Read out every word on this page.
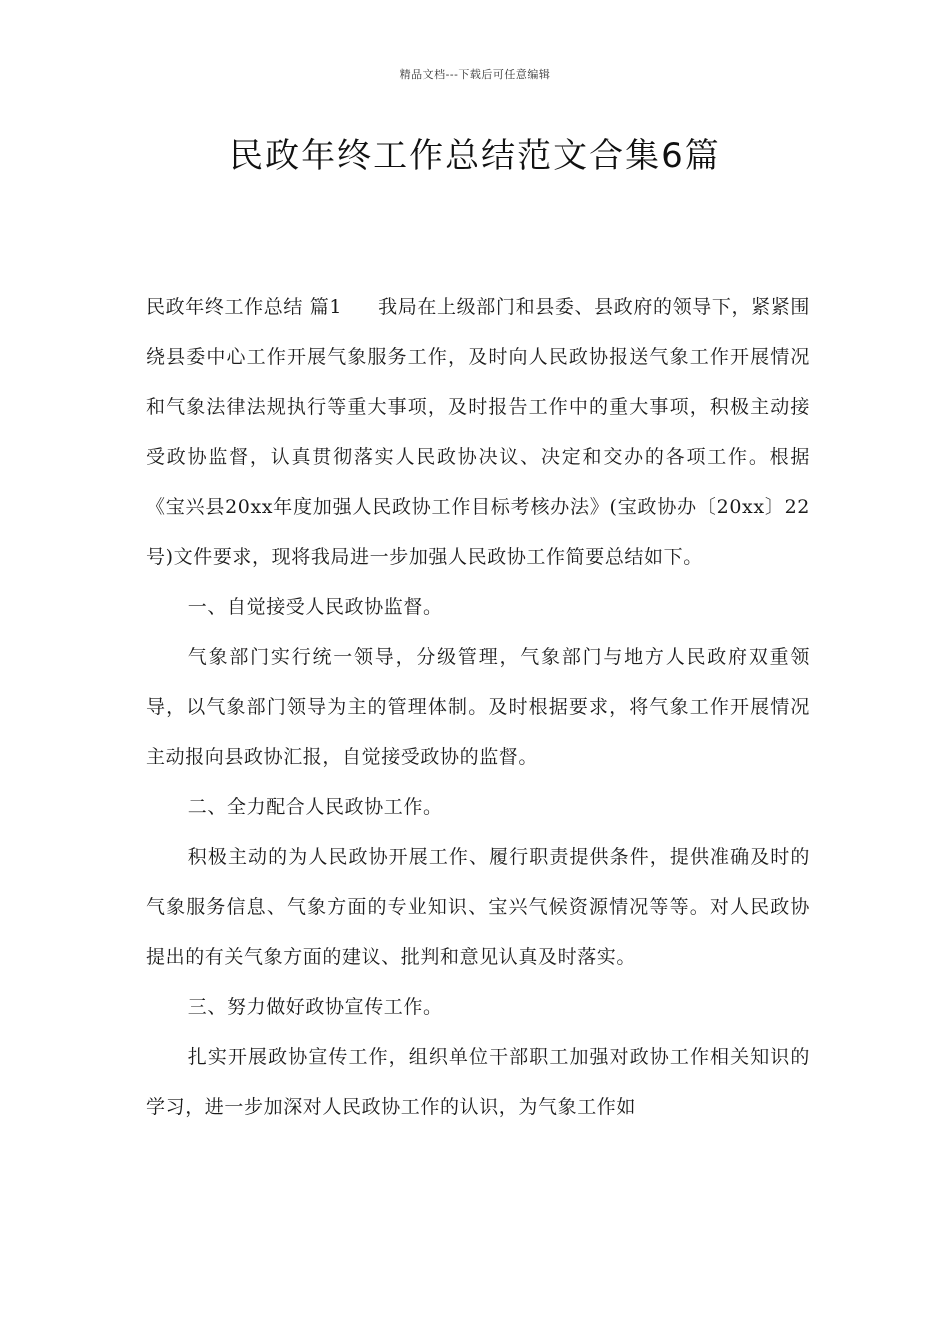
精品文档---下载后可任意编辑
民政年终工作总结范文合集6篇

民政年终工作总结 篇1 我局在上级部门和县委、县政府的领导下，紧紧围绕县委中心工作开展气象服务工作，及时向人民政协报送气象工作开展情况和气象法律法规执行等重大事项，及时报告工作中的重大事项，积极主动接受政协监督，认真贯彻落实人民政协决议、决定和交办的各项工作。根据《宝兴县20xx年度加强人民政协工作目标考核办法》(宝政协办〔20xx〕22号)文件要求，现将我局进一步加强人民政协工作简要总结如下。

一、自觉接受人民政协监督。

气象部门实行统一领导，分级管理，气象部门与地方人民政府双重领导，以气象部门领导为主的管理体制。及时根据要求，将气象工作开展情况主动报向县政协汇报，自觉接受政协的监督。

二、全力配合人民政协工作。

积极主动的为人民政协开展工作、履行职责提供条件，提供准确及时的气象服务信息、气象方面的专业知识、宝兴气候资源情况等等。对人民政协提出的有关气象方面的建议、批判和意见认真及时落实。

三、努力做好政协宣传工作。

扎实开展政协宣传工作，组织单位干部职工加强对政协工作相关知识的学习，进一步加深对人民政协工作的认识，为气象工作如
